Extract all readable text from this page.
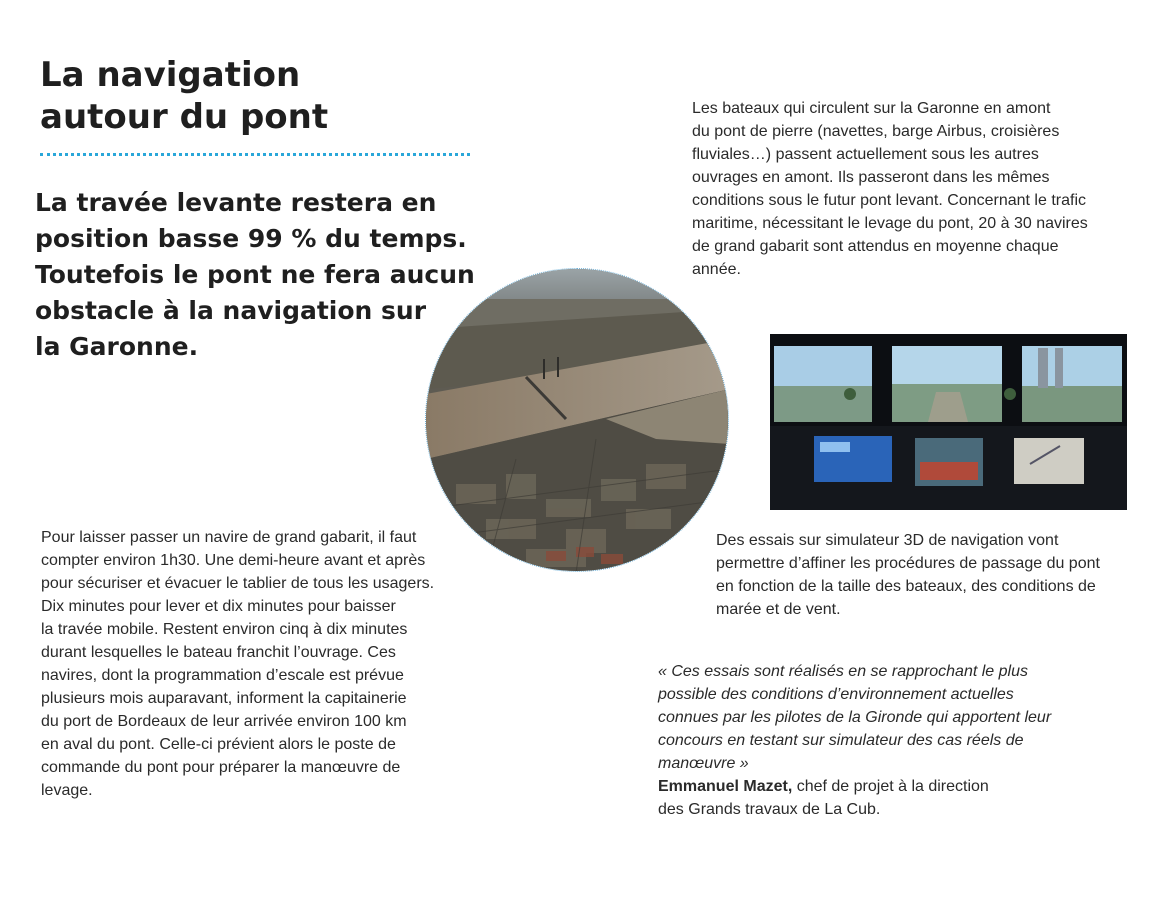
La navigation
autour du pont

La travée levante restera en
position basse 99 % du temps.
Toutefois le pont ne fera aucun
obstacle à la navigation sur
la Garonne.

Les bateaux qui circulent sur la Garonne en amont
du pont de pierre (navettes, barge Airbus, croisières
fluviales…) passent actuellement sous les autres
ouvrages en amont. Ils passeront dans les mêmes
conditions sous le futur pont levant. Concernant le trafic
maritime, nécessitant le levage du pont, 20 à 30 navires
de grand gabarit sont attendus en moyenne chaque
année.

Pour laisser passer un navire de grand gabarit, il faut
compter environ 1h30. Une demi-heure avant et après
pour sécuriser et évacuer le tablier de tous les usagers.
Dix minutes pour lever et dix minutes pour baisser
la travée mobile. Restent environ cinq à dix minutes
durant lesquelles le bateau franchit l’ouvrage. Ces
navires, dont la programmation d’escale est prévue
plusieurs mois auparavant, informent la capitainerie
du port de Bordeaux de leur arrivée environ 100 km
en aval du pont. Celle-ci prévient alors le poste de
commande du pont pour préparer la manœuvre de
levage.

Des essais sur simulateur 3D de navigation vont
permettre d’affiner les procédures de passage du pont
en fonction de la taille des bateaux, des conditions de
marée et de vent.

« Ces essais sont réalisés en se rapprochant le plus
possible des conditions d’environnement actuelles
connues par les pilotes de la Gironde qui apportent leur
concours en testant sur simulateur des cas réels de
manœuvre »
Emmanuel Mazet, chef de projet à la direction
des Grands travaux de La Cub.
